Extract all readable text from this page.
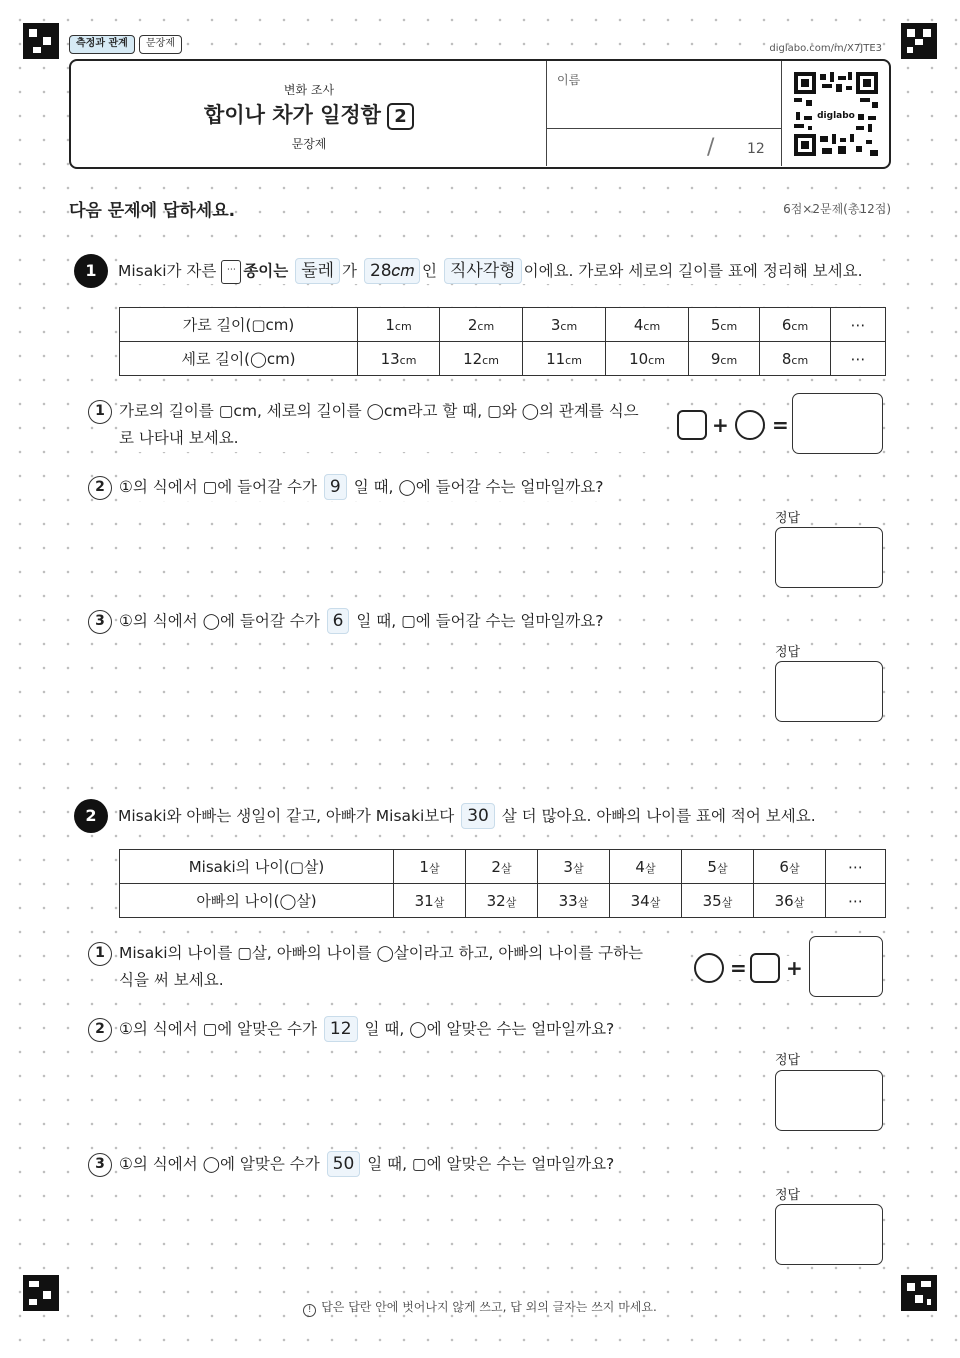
측정과 관계	문장제	diglabo.com/m/X7JTE3
변화 조사
합이나 차가 일정함 2
문장제
이름
/ 12
diglabo
다음 문제에 답하세요.	6점×2문제(총12점)
1	Misaki가 자른 ⋯ 종이는 둘레 가 28𝑐𝑚 인 직사각형 이에요. 가로와 세로의 길이를 표에 정리해 보세요.
가로 길이(▢cm)	1cm	2cm	3cm	4cm	5cm	6cm	⋯
세로 길이(◯cm)	13cm	12cm	11cm	10cm	9cm	8cm	⋯
1 가로의 길이를 ▢cm, 세로의 길이를 ◯cm라고 할 때, ▢와 ◯의 관계를 식으
로 나타내 보세요.
+ =
2 ①의 식에서 ▢에 들어갈 수가 9 일 때, ◯에 들어갈 수는 얼마일까요?
정답
3 ①의 식에서 ◯에 들어갈 수가 6 일 때, ▢에 들어갈 수는 얼마일까요?
정답
2	Misaki와 아빠는 생일이 같고, 아빠가 Misaki보다 30 살 더 많아요. 아빠의 나이를 표에 적어 보세요.
Misaki의 나이(▢살)	1살	2살	3살	4살	5살	6살	⋯
아빠의 나이(◯살)	31살	32살	33살	34살	35살	36살	⋯
1 Misaki의 나이를 ▢살, 아빠의 나이를 ◯살이라고 하고, 아빠의 나이를 구하는
식을 써 보세요.	= +
2 ①의 식에서 ▢에 알맞은 수가 12 일 때, ◯에 알맞은 수는 얼마일까요?
정답
3 ①의 식에서 ◯에 알맞은 수가 50 일 때, ▢에 알맞은 수는 얼마일까요?
정답
! 답은 답란 안에 벗어나지 않게 쓰고, 답 외의 글자는 쓰지 마세요.
